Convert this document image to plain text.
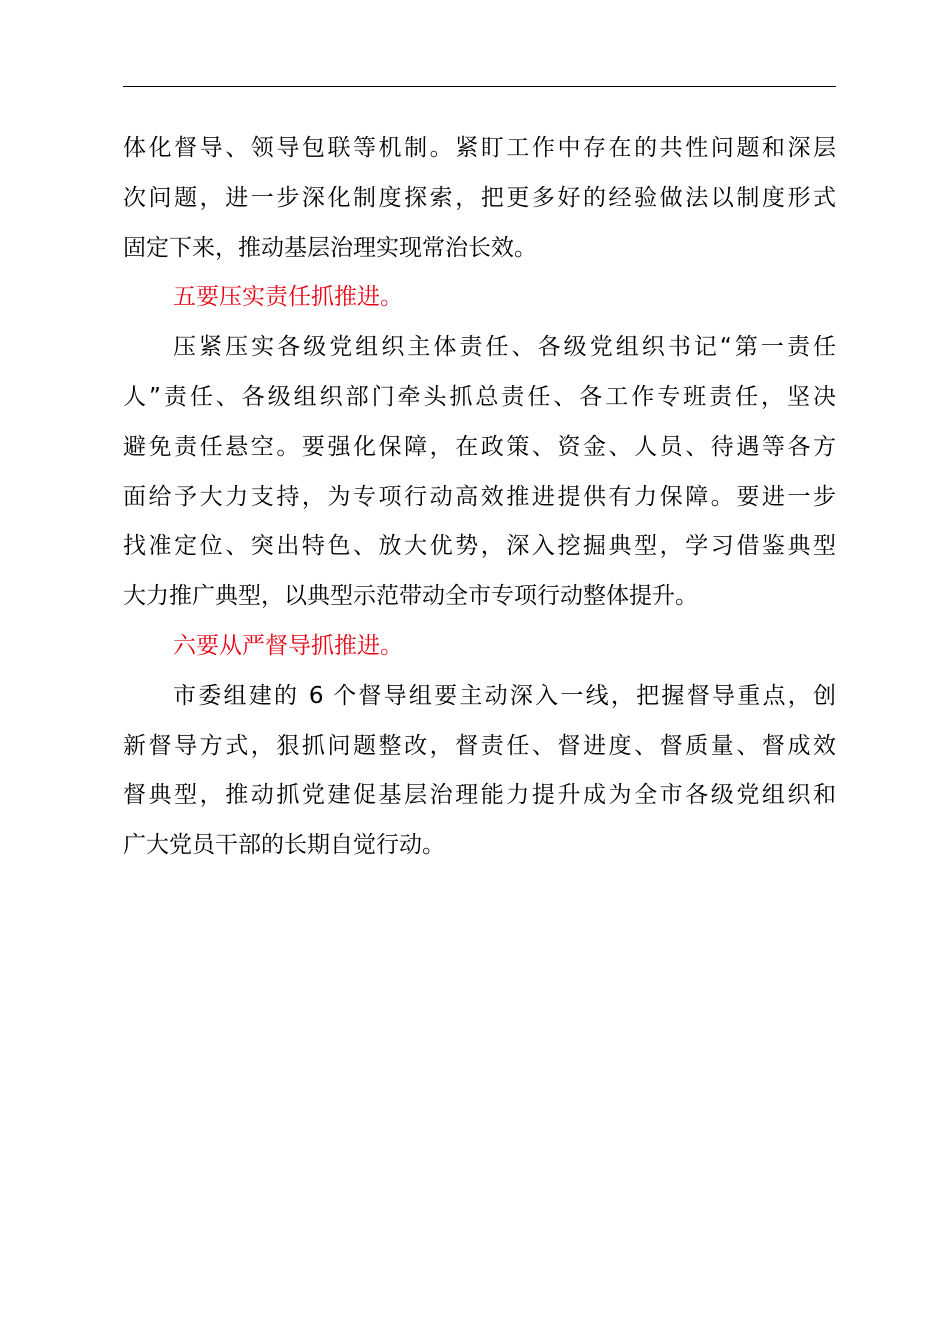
体化督导、领导包联等机制。紧盯工作中存在的共性问题和深层
次问题，进一步深化制度探索，把更多好的经验做法以制度形式
固定下来，推动基层治理实现常治长效。
五要压实责任抓推进。
压紧压实各级党组织主体责任、各级党组织书记“第一责任
人”责任、各级组织部门牵头抓总责任、各工作专班责任，坚决
避免责任悬空。要强化保障，在政策、资金、人员、待遇等各方
面给予大力支持，为专项行动高效推进提供有力保障。要进一步
找准定位、突出特色、放大优势，深入挖掘典型，学习借鉴典型
大力推广典型，以典型示范带动全市专项行动整体提升。
六要从严督导抓推进。
市委组建的 6 个督导组要主动深入一线，把握督导重点，创
新督导方式，狠抓问题整改，督责任、督进度、督质量、督成效
督典型，推动抓党建促基层治理能力提升成为全市各级党组织和
广大党员干部的长期自觉行动。
